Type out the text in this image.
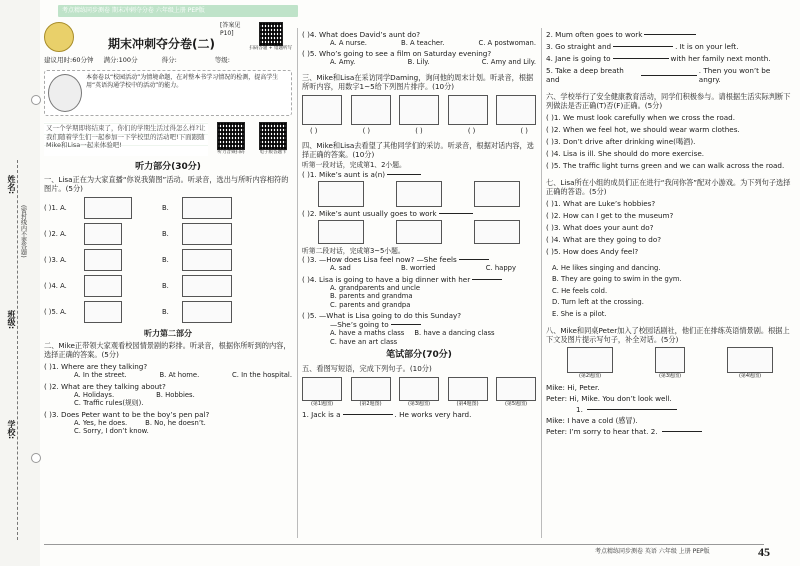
姓名:
(密封线内不要答题)
班级:
学校:
考点精练同步测卷 期末冲刺夺分卷 六年级上册 PEP版
[答案见P10]
期末冲刺夺分卷(二)	扫码答题 + 错题听写
建议用时:60分钟 满分:100分	得分:	等级:
本套卷以“校园活动”为情境命题，在对整本书学习情况的检测，提高学生用“英语沟通学校中的活动”的能力。
又一个学期即将结束了，你们的学期生活过得怎么样?让我们随着学生们一起参加一下学校里的活动吧!下面跟随Mike和Lisa一起来体验吧!
听力音频扫码	电子版答题卡
听力部分(30分)
一、Lisa正在为大家直播“你说我猜图”活动。听录音，选出与所听内容相符的图片。(5分)
( )1. A.	B.
( )2. A.	B.
( )3. A.	B.
( )4. A.	B.
( )5. A.	B.
听力第二部分
二、Mike正带领大家观看校园情景剧的彩排。听录音，根据你所听到的内容，选择正确的答案。(5分)
( )1. Where are they talking?
A. In the street.	B. At home.	C. In the hospital.
( )2. What are they talking about?
A. Holidays.	B. Hobbies.
C. Traffic rules(规则).
( )3. Does Peter want to be the boy’s pen pal?
A. Yes, he does.	B. No, he doesn’t.
C. Sorry, I don’t know.
( )4. What does David’s aunt do?
A. A nurse.	B. A teacher.	C. A postwoman.
( )5. Who’s going to see a film on Saturday evening?
A. Amy.	B. Lily.	C. Amy and Lily.
三、Mike和Lisa在采访同学Daming，询问他的周末计划。听录音，根据所听内容，用数字1~5给下列图片排序。(10分)
( )	( )	( )	( )	( )
四、Mike和Lisa去看望了其他同学们的采访。听录音，根据对话内容，选择正确的答案。(10分)
听第一段对话，完成第1、2小题。
( )1. Mike’s aunt is a(n)
( )2. Mike’s aunt usually goes to work
听第二段对话，完成第3~5小题。
( )3. —How does Lisa feel now? —She feels
A. sad	B. worried	C. happy
( )4. Lisa is going to have a big dinner with her
A. grandparents and uncle
B. parents and grandma
C. parents and grandpa
( )5. —What is Lisa going to do this Sunday?
—She’s going to
A. have a maths class B. have a dancing class
C. have an art class
笔试部分(70分)
五、看图写短语，完成下列句子。(10分)
(第1题图)	(第2题图)	(第3题图)	(第4题图)	(第5题图)
1. Jack is a	. He works very hard.
2. Mum often goes to work
3. Go straight and	. It is on your left.
4. Jane is going to	with her family next month.
5. Take a deep breath and
. Then you won’t be angry.
六、学校举行了安全健康教育活动，同学们积极参与。请根据生活实际判断下列做法是否正确(T)否(F)正确。(5分)
( )1. We must look carefully when we cross the road.
( )2. When we feel hot, we should wear warm clothes.
( )3. Don’t drive after drinking wine(喝酒).
( )4. Lisa is ill. She should do more exercise.
( )5. The traffic light turns green and we can walk across the road.
七、Lisa所在小组的成员们正在进行“我问你答”配对小游戏。为下列句子选择正确的答语。(5分)
( )1. What are Luke’s hobbies?
( )2. How can I get to the museum?
( )3. What does your aunt do?
( )4. What are they going to do?
( )5. How does Andy feel?
A. He likes singing and dancing.
B. They are going to swim in the gym.
C. He feels cold.
D. Turn left at the crossing.
E. She is a pilot.
八、Mike和同桌Peter加入了校园话剧社，他们正在排练英语情景剧。根据上下文及图片提示写句子，补全对话。(5分)
(第2题图)	(第3题图)	(第4题图)
Mike: Hi, Peter.
Peter: Hi, Mike. You don’t look well.
1.
Mike: I have a cold (感冒).
Peter: I’m sorry to hear that. 2.
考点精练同步测卷 英语 六年级 上册 PEP版	45
